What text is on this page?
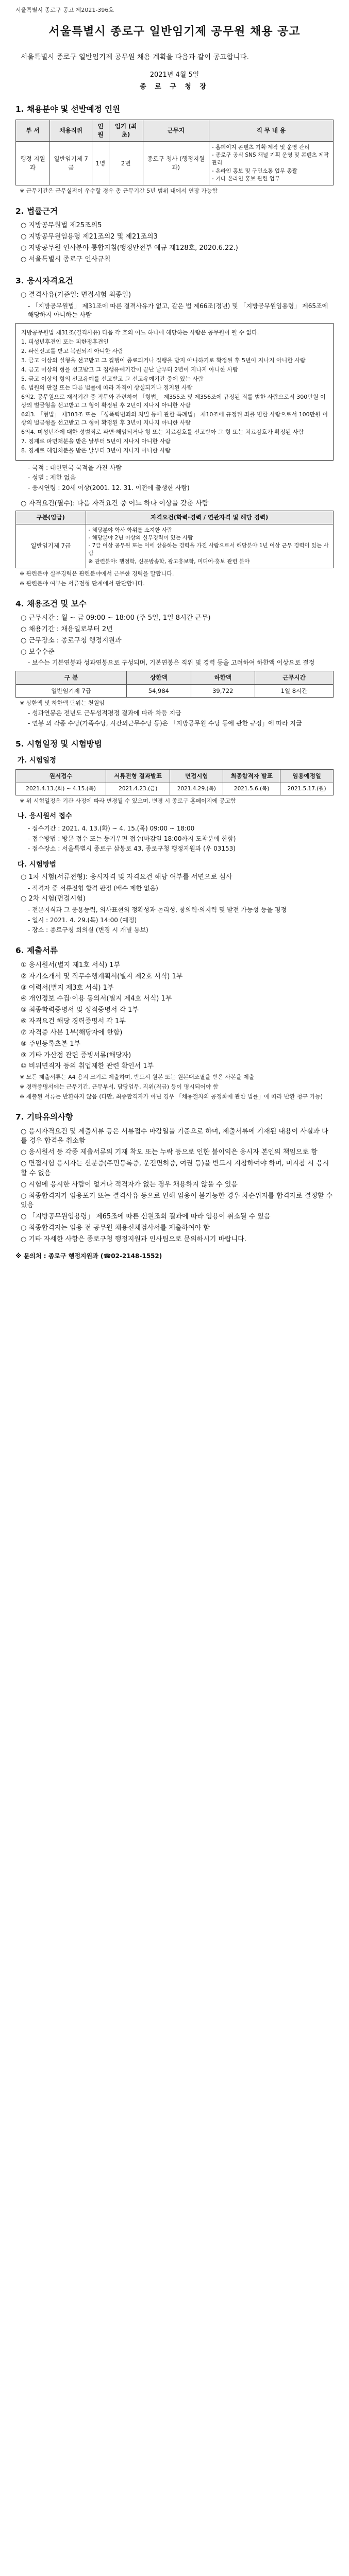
서울특별시 종로구 공고 제2021-396호
서울특별시 종로구 일반임기제 공무원 채용 공고
서울특별시 종로구 일반임기제 공무원 채용 계획을 다음과 같이 공고합니다.
2021년 4월 5일
종 로 구 청 장
1. 채용분야 및 선발예정 인원
부 서	채용직위	인원	임기 (최초)	근무지	직 무 내 용
행정 지원과	일반임기제 7급	1명	2년	종로구 청사 (행정지원과)	- 홈페이지 콘텐츠 기획·제작 및 운영 관리
- 종로구 공식 SNS 채널 기획 운영 및 콘텐츠 제작 관리
- 온라인 홍보 및 구민소통 업무 총괄
- 기타 온라인 홍보 관련 업무

※ 근무기간은 근무실적이 우수할 경우 총 근무기간 5년 범위 내에서 연장 가능함

2. 법률근거

○ 지방공무원법 제25조의5

○ 지방공무원임용령 제21조의2 및 제21조의3

○ 지방공무원 인사분야 통합지침(행정안전부 예규 제128호, 2020.6.22.)

○ 서울특별시 종로구 인사규칙

3. 응시자격요건

○ 결격사유(기준일: 면접시험 최종일)

- 「지방공무원법」 제31조에 따른 결격사유가 없고, 같은 법 제66조(정년) 및 「지방공무원임용령」 제65조에 해당하지 아니하는 사람

지방공무원법 제31조(결격사유) 다음 각 호의 어느 하나에 해당하는 사람은 공무원이 될 수 없다.

1. 피성년후견인 또는 피한정후견인

2. 파산선고를 받고 복권되지 아니한 사람

3. 금고 이상의 실형을 선고받고 그 집행이 종료되거나 집행을 받지 아니하기로 확정된 후 5년이 지나지 아니한 사람

4. 금고 이상의 형을 선고받고 그 집행유예기간이 끝난 날부터 2년이 지나지 아니한 사람

5. 금고 이상의 형의 선고유예를 선고받고 그 선고유예기간 중에 있는 사람

6. 법원의 판결 또는 다른 법률에 따라 자격이 상실되거나 정지된 사람

6의2. 공무원으로 재직기간 중 직무와 관련하여 「형법」 제355조 및 제356조에 규정된 죄를 범한 사람으로서 300만원 이상의 벌금형을 선고받고 그 형이 확정된 후 2년이 지나지 아니한 사람

6의3. 「형법」 제303조 또는 「성폭력범죄의 처벌 등에 관한 특례법」 제10조에 규정된 죄를 범한 사람으로서 100만원 이상의 벌금형을 선고받고 그 형이 확정된 후 3년이 지나지 아니한 사람

6의4. 미성년자에 대한 성범죄로 파면·해임되거나 형 또는 치료감호를 선고받아 그 형 또는 치료감호가 확정된 사람

7. 징계로 파면처분을 받은 날부터 5년이 지나지 아니한 사람

8. 징계로 해임처분을 받은 날부터 3년이 지나지 아니한 사람

- 국적 : 대한민국 국적을 가진 사람

- 성별 : 제한 없음

- 응시연령 : 20세 이상(2001. 12. 31. 이전에 출생한 사람)

○ 자격요건(필수): 다음 자격요건 중 어느 하나 이상을 갖춘 사람

구분(임급)	자격요건(학력·경력 / 연관자격 및 해당 경력)
일반임기제 7급	- 해당분야 학사 학위를 소지한 사람
- 해당분야 2년 이상의 실무경력이 있는 사람
- 7급 이상 공무원 또는 이에 상응하는 경력을 가진 사람으로서 해당분야 1년 이상 근무 경력이 있는 사람
※ 관련분야: 행정학, 신문방송학, 광고홍보학, 미디어·홍보 관련 분야

※ 관련분야 실무경력은 관련분야에서 근무한 경력을 말합니다.

※ 관련분야 여부는 서류전형 단계에서 판단합니다.

4. 채용조건 및 보수

○ 근무시간 : 월 ~ 금 09:00 ~ 18:00 (주 5일, 1일 8시간 근무)

○ 채용기간 : 채용일로부터 2년

○ 근무장소 : 종로구청 행정지원과

○ 보수수준

- 보수는 기본연봉과 성과연봉으로 구성되며, 기본연봉은 직위 및 경력 등을 고려하여 하한액 이상으로 결정

구 분	상한액	하한액	근무시간
일반임기제 7급	54,984	39,722	1일 8시간

※ 상한액 및 하한액 단위는 천원임

- 성과연봉은 전년도 근무성적평정 결과에 따라 차등 지급

- 연봉 외 각종 수당(가족수당, 시간외근무수당 등)은 「지방공무원 수당 등에 관한 규정」에 따라 지급

5. 시험일정 및 시험방법
가. 시험일정
원서접수	서류전형 결과발표	면접시험	최종합격자 발표	임용예정일
2021.4.13.(화) ~ 4.15.(목)	2021.4.23.(금)	2021.4.29.(목)	2021.5.6.(목)	2021.5.17.(월)

※ 위 시험일정은 기관 사정에 따라 변경될 수 있으며, 변경 시 종로구 홈페이지에 공고함

나. 응시원서 접수

- 접수기간 : 2021. 4. 13.(화) ~ 4. 15.(목) 09:00 ~ 18:00

- 접수방법 : 방문 접수 또는 등기우편 접수(마감일 18:00까지 도착분에 한함)

- 접수장소 : 서울특별시 종로구 삼봉로 43, 종로구청 행정지원과 (우 03153)

다. 시험방법

○ 1차 시험(서류전형): 응시자격 및 자격요건 해당 여부를 서면으로 심사

- 적격자 중 서류전형 합격 판정 (배수 제한 없음)

○ 2차 시험(면접시험)

- 전문지식과 그 응용능력, 의사표현의 정확성과 논리성, 창의력·의지력 및 발전 가능성 등을 평정

- 일시 : 2021. 4. 29.(목) 14:00 (예정)

- 장소 : 종로구청 회의실 (변경 시 개별 통보)

6. 제출서류

① 응시원서(별지 제1호 서식) 1부

② 자기소개서 및 직무수행계획서(별지 제2호 서식) 1부

③ 이력서(별지 제3호 서식) 1부

④ 개인정보 수집·이용 동의서(별지 제4호 서식) 1부

⑤ 최종학력증명서 및 성적증명서 각 1부

⑥ 자격요건 해당 경력증명서 각 1부

⑦ 자격증 사본 1부(해당자에 한함)

⑧ 주민등록초본 1부

⑨ 기타 가산점 관련 증빙서류(해당자)

⑩ 비위면직자 등의 취업제한 관련 확인서 1부

※ 모든 제출서류는 A4 용지 크기로 제출하며, 반드시 원본 또는 원본대조필을 받은 사본을 제출

※ 경력증명서에는 근무기간, 근무부서, 담당업무, 직위(직급) 등이 명시되어야 함

※ 제출된 서류는 반환하지 않음 (다만, 최종합격자가 아닌 경우 「채용절차의 공정화에 관한 법률」에 따라 반환 청구 가능)

7. 기타유의사항

○ 응시자격요건 및 제출서류 등은 서류접수 마감일을 기준으로 하며, 제출서류에 기재된 내용이 사실과 다를 경우 합격을 취소함

○ 응시원서 등 각종 제출서류의 기재 착오 또는 누락 등으로 인한 불이익은 응시자 본인의 책임으로 함

○ 면접시험 응시자는 신분증(주민등록증, 운전면허증, 여권 등)을 반드시 지참하여야 하며, 미지참 시 응시할 수 없음

○ 시험에 응시한 사람이 없거나 적격자가 없는 경우 채용하지 않을 수 있음

○ 최종합격자가 임용포기 또는 결격사유 등으로 인해 임용이 불가능한 경우 차순위자를 합격자로 결정할 수 있음

○ 「지방공무원임용령」 제65조에 따른 신원조회 결과에 따라 임용이 취소될 수 있음

○ 최종합격자는 임용 전 공무원 채용신체검사서를 제출하여야 함

○ 기타 자세한 사항은 종로구청 행정지원과 인사팀으로 문의하시기 바랍니다.

※ 문의처 : 종로구 행정지원과 (☎02-2148-1552)
